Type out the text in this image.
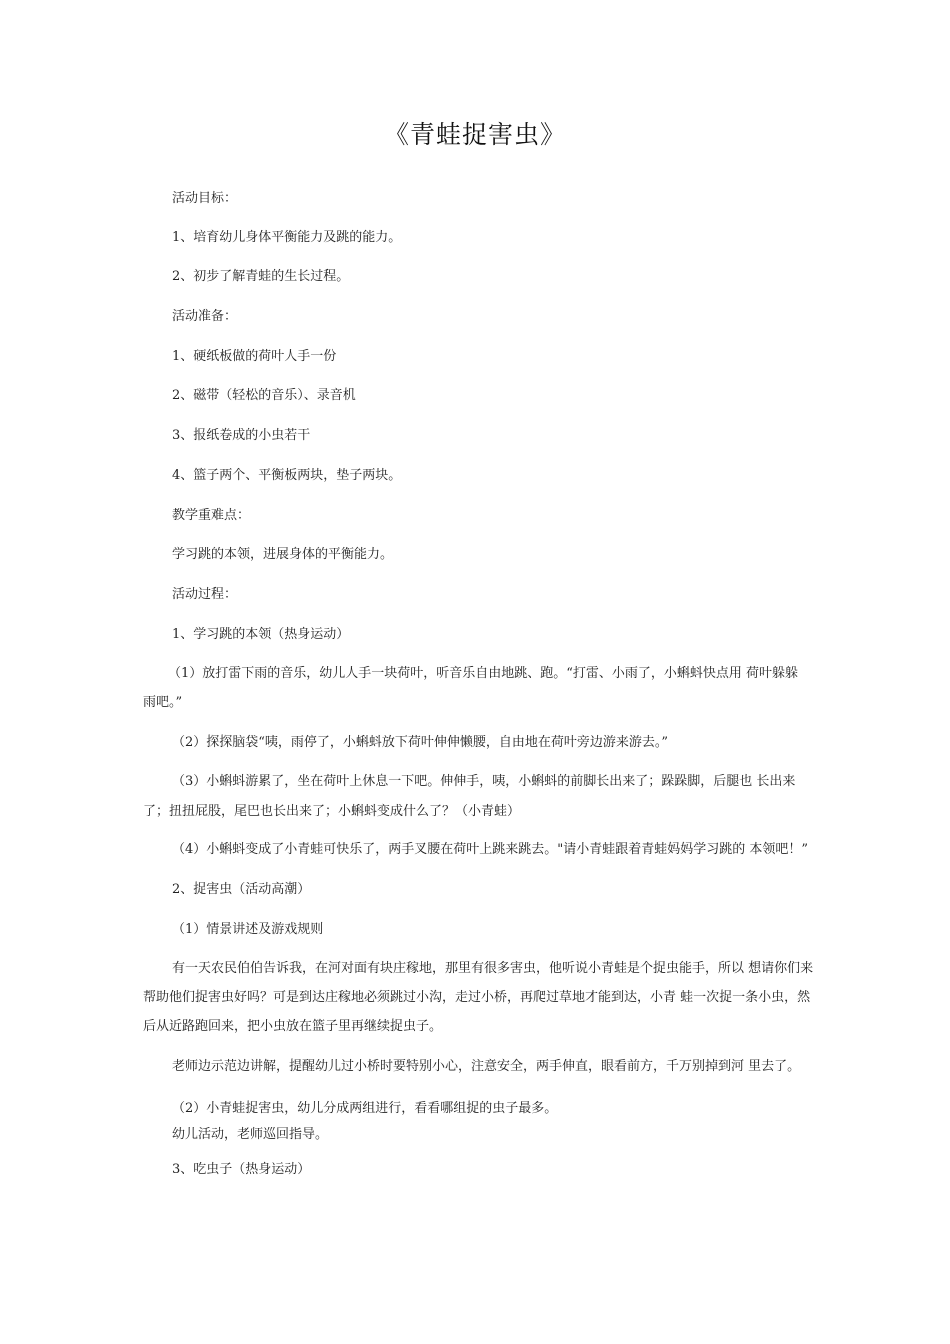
《青蛙捉害虫》
活动目标：
1、培育幼儿身体平衡能力及跳的能力。
2、初步了解青蛙的生长过程。
活动准备：
1、硬纸板做的荷叶人手一份
2、磁带（轻松的音乐）、录音机
3、报纸卷成的小虫若干
4、篮子两个、平衡板两块，垫子两块。
教学重难点：
学习跳的本领，进展身体的平衡能力。
活动过程：
1、学习跳的本领（热身运动）
（1）放打雷下雨的音乐，幼儿人手一块荷叶，听音乐自由地跳、跑。“打雷、小雨了，小蝌蚪快点用 荷叶躲躲
雨吧。”
（2）探探脑袋“咦，雨停了，小蝌蚪放下荷叶伸伸懒腰，自由地在荷叶旁边游来游去。”
（3）小蝌蚪游累了，坐在荷叶上休息一下吧。伸伸手，咦，小蝌蚪的前脚长出来了；跺跺脚，后腿也 长出来
了；扭扭屁股，尾巴也长出来了；小蝌蚪变成什么了？（小青蛙）
（4）小蝌蚪变成了小青蛙可快乐了，两手叉腰在荷叶上跳来跳去。"请小青蛙跟着青蛙妈妈学习跳的 本领吧！”
2、捉害虫（活动高潮）
（1）情景讲述及游戏规则
有一天农民伯伯告诉我，在河对面有块庄稼地，那里有很多害虫，他听说小青蛙是个捉虫能手，所以 想请你们来
帮助他们捉害虫好吗？可是到达庄稼地必须跳过小沟，走过小桥，再爬过草地才能到达，小青 蛙一次捉一条小虫，然
后从近路跑回来，把小虫放在篮子里再继续捉虫子。
老师边示范边讲解，提醒幼儿过小桥时要特别小心，注意安全，两手伸直，眼看前方，千万别掉到河 里去了。
（2）小青蛙捉害虫，幼儿分成两组进行，看看哪组捉的虫子最多。
幼儿活动，老师巡回指导。
3、吃虫子（热身运动）
